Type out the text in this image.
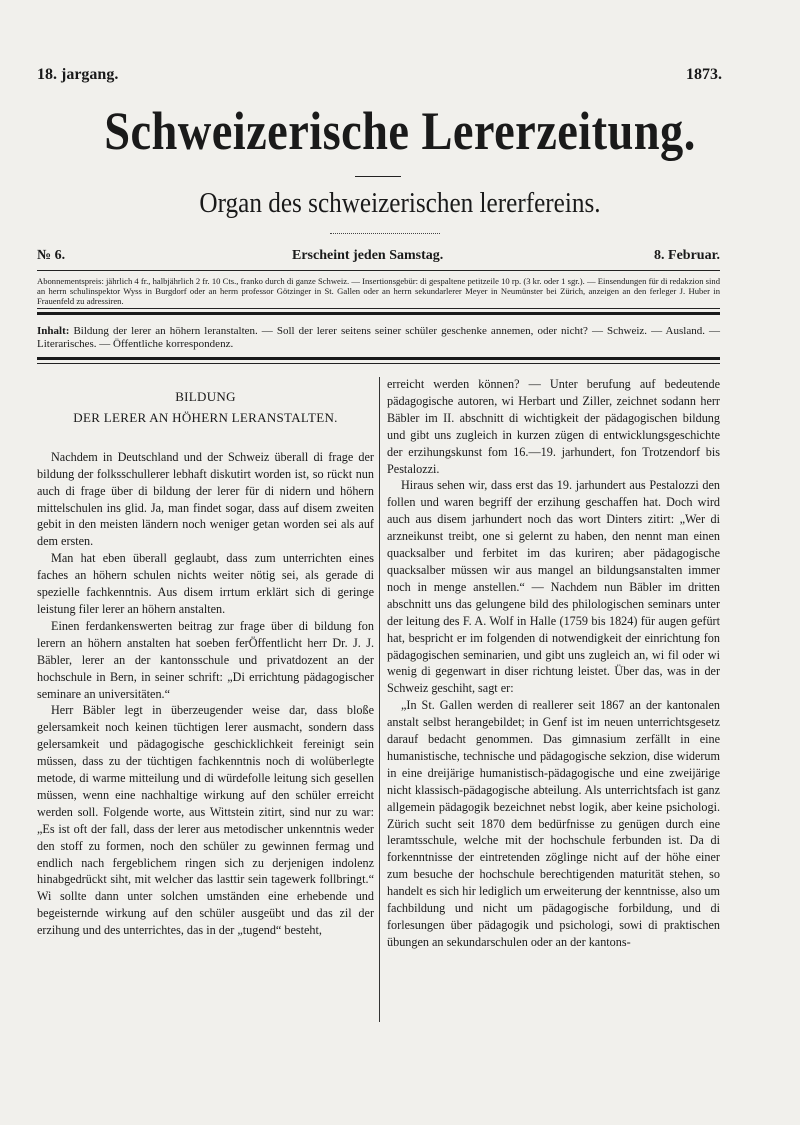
18. jargang.	1873.
Schweizerische Lererzeitung.
Organ des schweizerischen lererfereins.
№ 6.	Erscheint jeden Samstag.	8. Februar.
Abonnementspreis: jährlich 4 fr., halbjährlich 2 fr. 10 Cts., franko durch di ganze Schweiz. — Insertionsgebür: di gespaltene petitzeile 10 rp. (3 kr. oder 1 sgr.). — Einsendungen für di redakzion sind an herrn schulinspektor Wyss in Burgdorf oder an herrn professor Götzinger in St. Gallen oder an herrn sekundarlerer Meyer in Neumünster bei Zürich, anzeigen an den ferleger J. Huber in Frauenfeld zu adressiren.
Inhalt: Bildung der lerer an höhern leranstalten. — Soll der lerer seitens seiner schüler geschenke annemen, oder nicht? — Schweiz. — Ausland. — Literarisches. — Öffentliche korrespondenz.

BILDUNG

DER LERER AN HÖHERN LERANSTALTEN.

Nachdem in Deutschland und der Schweiz überall di frage der bildung der folksschullerer lebhaft diskutirt worden ist, so rückt nun auch di frage über di bildung der lerer für di nidern und höhern mittelschulen ins glid. Ja, man findet sogar, dass auf disem zweiten gebit in den meisten ländern noch weniger getan worden sei als auf dem ersten.

Man hat eben überall geglaubt, dass zum unterrichten eines faches an höhern schulen nichts weiter nötig sei, als gerade di spezielle fachkenntnis. Aus disem irrtum erklärt sich di geringe leistung filer lerer an höhern anstalten.

Einen ferdankenswerten beitrag zur frage über di bildung fon lerern an höhern anstalten hat soeben ferÖffentlicht herr Dr. J. J. Bäbler, lerer an der kantonsschule und privatdozent an der hochschule in Bern, in seiner schrift: „Di errichtung pädagogischer seminare an universitäten.“

Herr Bäbler legt in überzeugender weise dar, dass bloße gelersamkeit noch keinen tüchtigen lerer ausmacht, sondern dass gelersamkeit und pädagogische geschicklichkeit fereinigt sein müssen, dass zu der tüchtigen fachkenntnis noch di wolüberlegte metode, di warme mitteilung und di würdefolle leitung sich gesellen müssen, wenn eine nachhaltige wirkung auf den schüler erreicht werden soll. Folgende worte, aus Wittstein zitirt, sind nur zu war: „Es ist oft der fall, dass der lerer aus metodischer unkenntnis weder den stoff zu formen, noch den schüler zu gewinnen fermag und endlich nach fergeblichem ringen sich zu derjenigen indolenz hinabgedrückt siht, mit welcher das lasttir sein tagewerk follbringt.“ Wi sollte dann unter solchen umständen eine erhebende und begeisternde wirkung auf den schüler ausgeübt und das zil der erzihung und des unterrichtes, das in der „tugend“ besteht,

erreicht werden können? — Unter berufung auf bedeutende pädagogische autoren, wi Herbart und Ziller, zeichnet sodann herr Bäbler im II. abschnitt di wichtigkeit der pädagogischen bildung und gibt uns zugleich in kurzen zügen di entwicklungsgeschichte der erzihungskunst fom 16.—19. jarhundert, fon Trotzendorf bis Pestalozzi.

Hiraus sehen wir, dass erst das 19. jarhundert aus Pestalozzi den follen und waren begriff der erzihung geschaffen hat. Doch wird auch aus disem jarhundert noch das wort Dinters zitirt: „Wer di arzneikunst treibt, one si gelernt zu haben, den nennt man einen quacksalber und ferbitet im das kuriren; aber pädagogische quacksalber müssen wir aus mangel an bildungsanstalten immer noch in menge anstellen.“ — Nachdem nun Bäbler im dritten abschnitt uns das gelungene bild des philologischen seminars unter der leitung des F. A. Wolf in Halle (1759 bis 1824) für augen gefürt hat, bespricht er im folgenden di notwendigkeit der einrichtung fon pädagogischen seminarien, und gibt uns zugleich an, wi fil oder wi wenig di gegenwart in diser richtung leistet. Über das, was in der Schweiz geschiht, sagt er:

„In St. Gallen werden di reallerer seit 1867 an der kantonalen anstalt selbst herangebildet; in Genf ist im neuen unterrichtsgesetz darauf bedacht genommen. Das gimnasium zerfällt in eine humanistische, technische und pädagogische sekzion, dise widerum in eine dreijärige humanistisch-pädagogische und eine zweijärige nicht klassisch-pädagogische abteilung. Als unterrichtsfach ist ganz allgemein pädagogik bezeichnet nebst logik, aber keine psichologi. Zürich sucht seit 1870 dem bedürfnisse zu genügen durch eine leramtsschule, welche mit der hochschule ferbunden ist. Da di forkenntnisse der eintretenden zöglinge nicht auf der höhe einer zum besuche der hochschule berechtigenden maturität stehen, so handelt es sich hir lediglich um erweiterung der kenntnisse, also um fachbildung und nicht um pädagogische forbildung, und di forlesungen über pädagogik und psichologi, sowi di praktischen übungen an sekundarschulen oder an der kantons-
